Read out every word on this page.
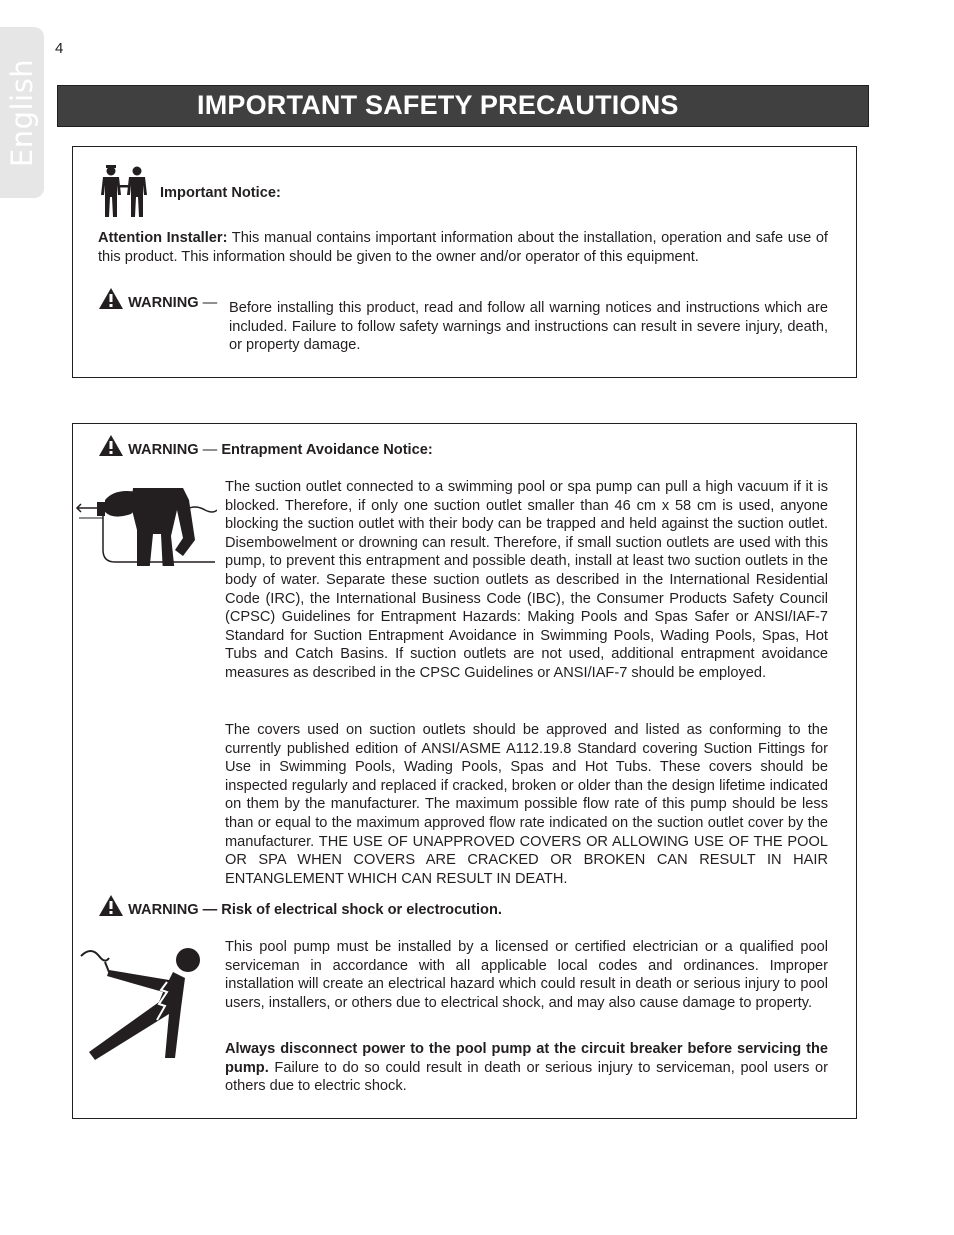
English
4
IMPORTANT SAFETY PRECAUTIONS
Important Notice:

Attention Installer: This manual contains important information about the installation, operation and safe use of this product. This information should be given to the owner and/or operator of this equipment.

WARNING — Before installing this product, read and follow all warning notices and instructions which are included. Failure to follow safety warnings and instructions can result in severe injury, death, or property damage.

WARNING — Entrapment Avoidance Notice:

The suction outlet connected to a swimming pool or spa pump can pull a high vacuum if it is blocked. Therefore, if only one suction outlet smaller than 46 cm x 58 cm is used, anyone blocking the suction outlet with their body can be trapped and held against the suction outlet. Disembowelment or drowning can result. Therefore, if small suction outlets are used with this pump, to prevent this entrapment and possible death, install at least two suction outlets in the body of water. Separate these suction outlets as described in the International Residential Code (IRC), the International Business Code (IBC), the Consumer Products Safety Council (CPSC) Guidelines for Entrapment Hazards: Making Pools and Spas Safer or ANSI/IAF-7 Standard for Suction Entrapment Avoidance in Swimming Pools, Wading Pools, Spas, Hot Tubs and Catch Basins. If suction outlets are not used, additional entrapment avoidance measures as described in the CPSC Guidelines or ANSI/IAF-7 should be employed.

The covers used on suction outlets should be approved and listed as conforming to the currently published edition of ANSI/ASME A112.19.8 Standard covering Suction Fittings for Use in Swimming Pools, Wading Pools, Spas and Hot Tubs. These covers should be inspected regularly and replaced if cracked, broken or older than the design lifetime indicated on them by the manufacturer. The maximum possible flow rate of this pump should be less than or equal to the maximum approved flow rate indicated on the suction outlet cover by the manufacturer. THE USE OF UNAPPROVED COVERS OR ALLOWING USE OF THE POOL OR SPA WHEN COVERS ARE CRACKED OR BROKEN CAN RESULT IN HAIR ENTANGLEMENT WHICH CAN RESULT IN DEATH.

WARNING — Risk of electrical shock or electrocution.

This pool pump must be installed by a licensed or certified electrician or a qualified pool serviceman in accordance with all applicable local codes and ordinances. Improper installation will create an electrical hazard which could result in death or serious injury to pool users, installers, or others due to electrical shock, and may also cause damage to property.

Always disconnect power to the pool pump at the circuit breaker before servicing the pump. Failure to do so could result in death or serious injury to serviceman, pool users or others due to electric shock.
